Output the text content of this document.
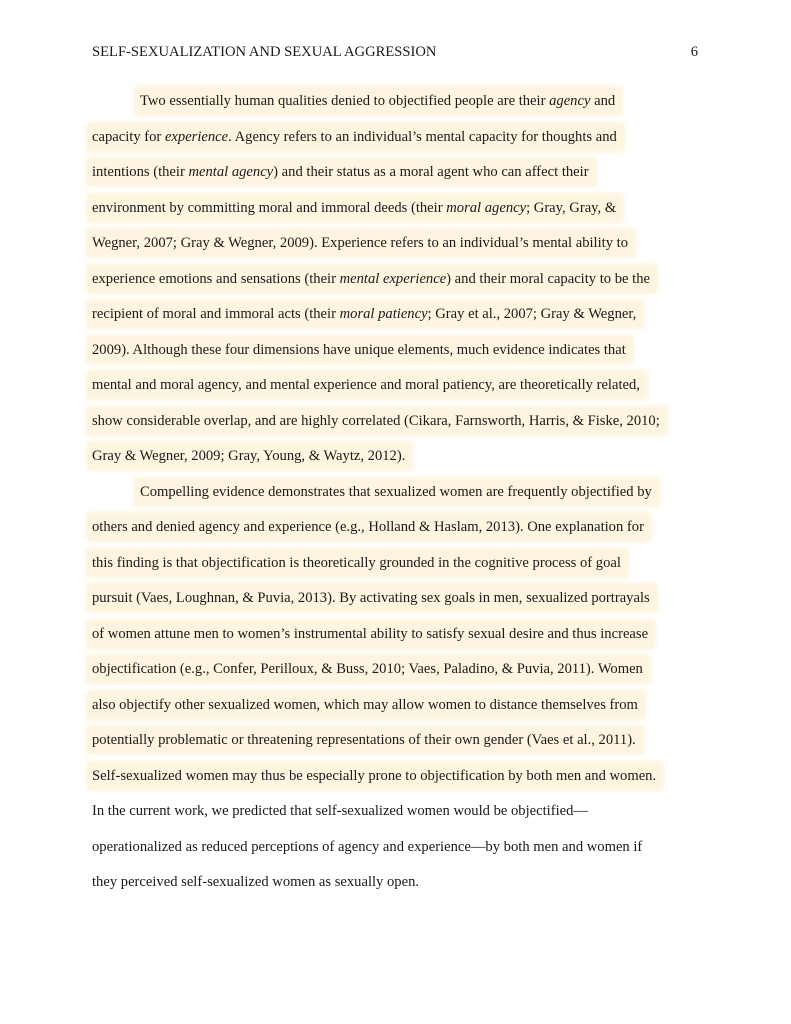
SELF-SEXUALIZATION AND SEXUAL AGGRESSION	6
Two essentially human qualities denied to objectified people are their agency and
capacity for experience. Agency refers to an individual’s mental capacity for thoughts and
intentions (their mental agency) and their status as a moral agent who can affect their
environment by committing moral and immoral deeds (their moral agency; Gray, Gray, &
Wegner, 2007; Gray & Wegner, 2009). Experience refers to an individual’s mental ability to
experience emotions and sensations (their mental experience) and their moral capacity to be the
recipient of moral and immoral acts (their moral patiency; Gray et al., 2007; Gray & Wegner,
2009). Although these four dimensions have unique elements, much evidence indicates that
mental and moral agency, and mental experience and moral patiency, are theoretically related,
show considerable overlap, and are highly correlated (Cikara, Farnsworth, Harris, & Fiske, 2010;
Gray & Wegner, 2009; Gray, Young, & Waytz, 2012).
Compelling evidence demonstrates that sexualized women are frequently objectified by
others and denied agency and experience (e.g., Holland & Haslam, 2013). One explanation for
this finding is that objectification is theoretically grounded in the cognitive process of goal
pursuit (Vaes, Loughnan, & Puvia, 2013). By activating sex goals in men, sexualized portrayals
of women attune men to women’s instrumental ability to satisfy sexual desire and thus increase
objectification (e.g., Confer, Perilloux, & Buss, 2010; Vaes, Paladino, & Puvia, 2011). Women
also objectify other sexualized women, which may allow women to distance themselves from
potentially problematic or threatening representations of their own gender (Vaes et al., 2011).
Self-sexualized women may thus be especially prone to objectification by both men and women.
In the current work, we predicted that self-sexualized women would be objectified—
operationalized as reduced perceptions of agency and experience—by both men and women if
they perceived self-sexualized women as sexually open.
